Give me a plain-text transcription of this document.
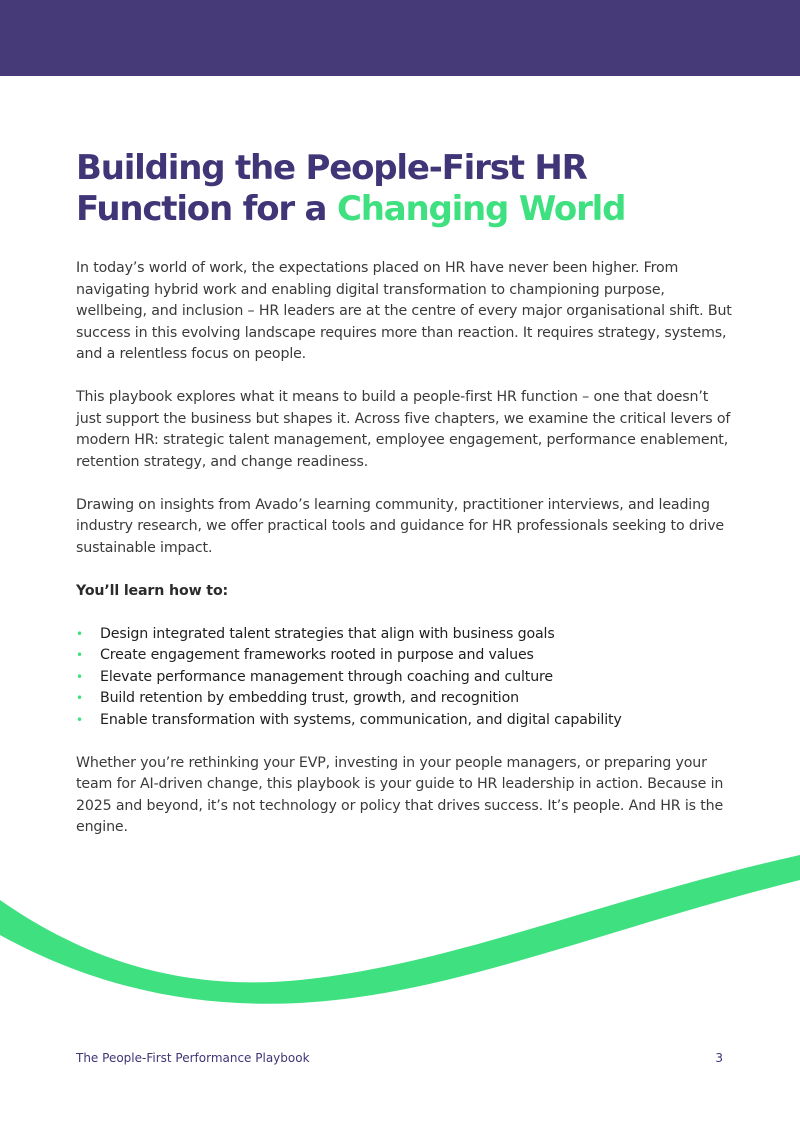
Building the People-First HR
Function for a Changing World

In today’s world of work, the expectations placed on HR have never been higher. From navigating hybrid work and enabling digital transformation to championing purpose, wellbeing, and inclusion – HR leaders are at the centre of every major organisational shift. But success in this evolving landscape requires more than reaction. It requires strategy, systems, and a relentless focus on people.

This playbook explores what it means to build a people-first HR function – one that doesn’t just support the business but shapes it. Across five chapters, we examine the critical levers of modern HR: strategic talent management, employee engagement, performance enablement, retention strategy, and change readiness.

Drawing on insights from Avado’s learning community, practitioner interviews, and leading industry research, we offer practical tools and guidance for HR professionals seeking to drive sustainable impact.

You’ll learn how to:

• Design integrated talent strategies that align with business goals
• Create engagement frameworks rooted in purpose and values
• Elevate performance management through coaching and culture
• Build retention by embedding trust, growth, and recognition
• Enable transformation with systems, communication, and digital capability

Whether you’re rethinking your EVP, investing in your people managers, or preparing your team for AI-driven change, this playbook is your guide to HR leadership in action. Because in 2025 and beyond, it’s not technology or policy that drives success. It’s people. And HR is the engine.

The People-First Performance Playbook	3
